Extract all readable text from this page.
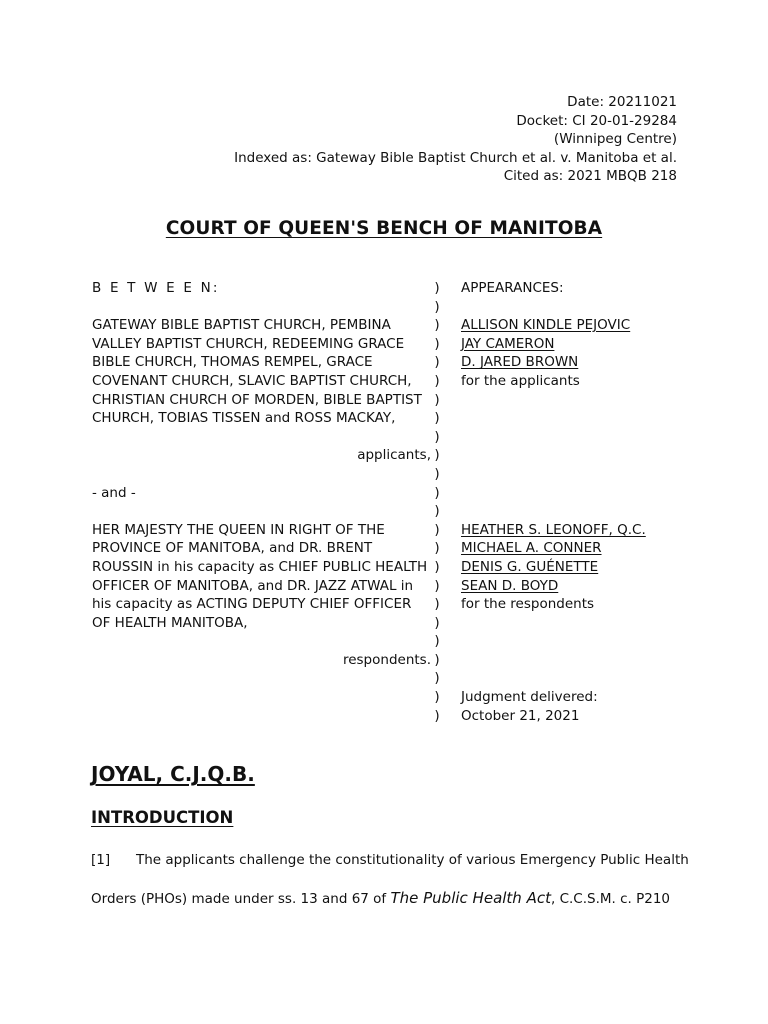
Date: 20211021
Docket: CI 20-01-29284
(Winnipeg Centre)
Indexed as: Gateway Bible Baptist Church et al. v. Manitoba et al.
Cited as: 2021 MBQB 218
COURT OF QUEEN'S BENCH OF MANITOBA
B E T W E E N:	)	APPEARANCES:
)
GATEWAY BIBLE BAPTIST CHURCH, PEMBINA	)	ALLISON KINDLE PEJOVIC
VALLEY BAPTIST CHURCH, REDEEMING GRACE	)	JAY CAMERON
BIBLE CHURCH, THOMAS REMPEL, GRACE	)	D. JARED BROWN
COVENANT CHURCH, SLAVIC BAPTIST CHURCH,	)	for the applicants
CHRISTIAN CHURCH OF MORDEN, BIBLE BAPTIST )
CHURCH, TOBIAS TISSEN and ROSS MACKAY,	)
)
applicants, )
)
- and -	)
)
HER MAJESTY THE QUEEN IN RIGHT OF THE	)	HEATHER S. LEONOFF, Q.C.
PROVINCE OF MANITOBA, and DR. BRENT	)	MICHAEL A. CONNER
ROUSSIN in his capacity as CHIEF PUBLIC HEALTH )	DENIS G. GUÉNETTE
OFFICER OF MANITOBA, and DR. JAZZ ATWAL in	)	SEAN D. BOYD
his capacity as ACTING DEPUTY CHIEF OFFICER	)	for the respondents
OF HEALTH MANITOBA,	)
)
respondents. )
)
)	Judgment delivered:
)	October 21, 2021
JOYAL, C.J.Q.B.
INTRODUCTION
[1] The applicants challenge the constitutionality of various Emergency Public Health
Orders (PHOs) made under ss. 13 and 67 of The Public Health Act, C.C.S.M. c. P210
